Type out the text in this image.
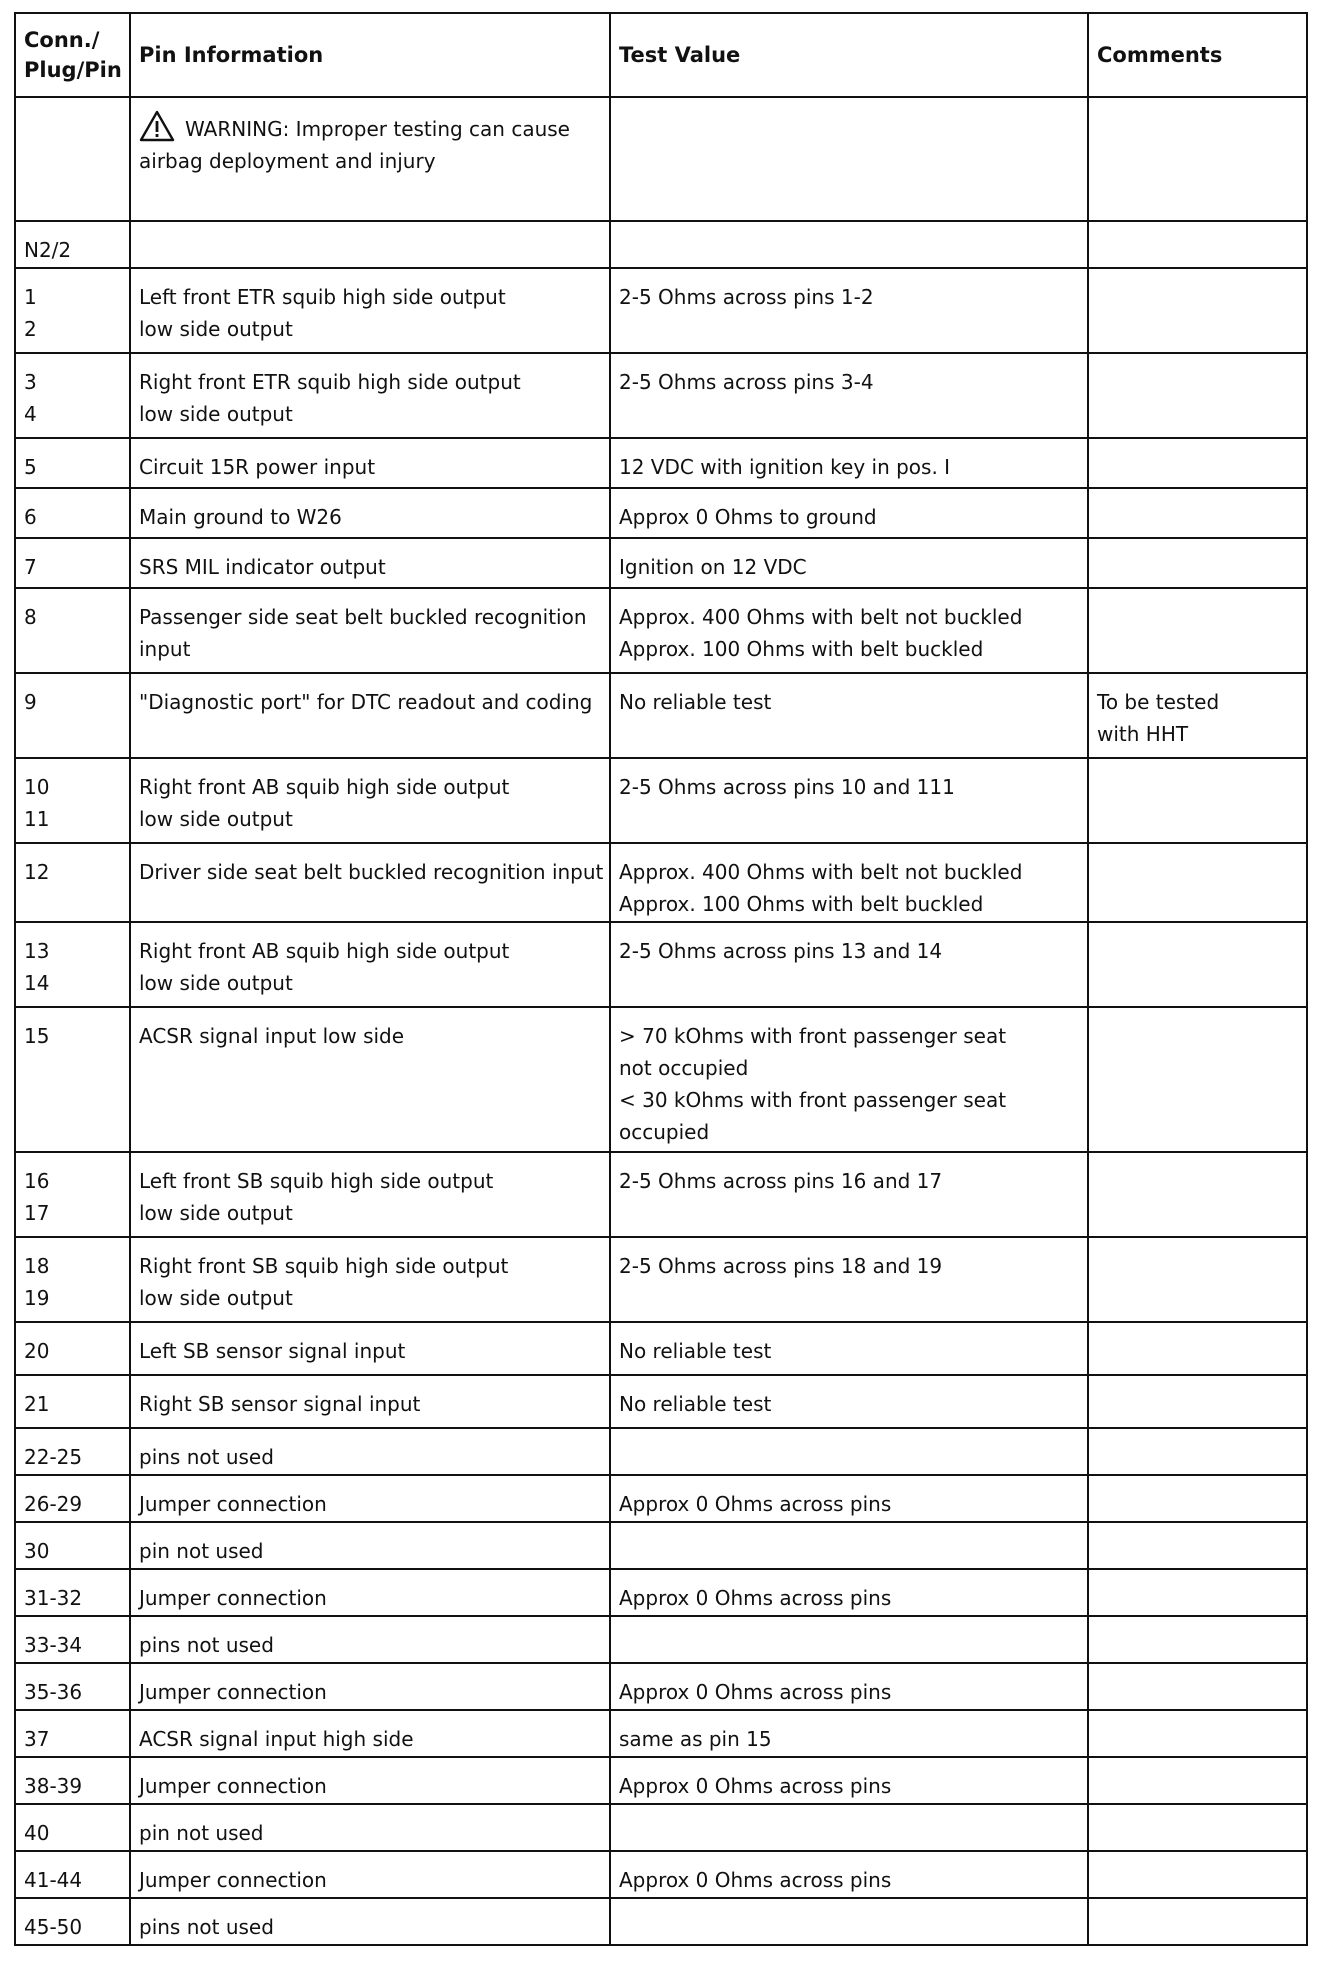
Conn./
Plug/Pin	Pin Information	Test Value	Comments

	WARNING: Improper testing can cause
airbag deployment and injury		

N2/2			

1
2	Left front ETR squib high side output
low side output	2-5 Ohms across pins 1-2	

3
4	Right front ETR squib high side output
low side output	2-5 Ohms across pins 3-4	

5	Circuit 15R power input	12 VDC with ignition key in pos. I	

6	Main ground to W26	Approx 0 Ohms to ground	

7	SRS MIL indicator output	Ignition on 12 VDC	

8	Passenger side seat belt buckled recognition
input	Approx. 400 Ohms with belt not buckled
Approx. 100 Ohms with belt buckled	

9	"Diagnostic port" for DTC readout and coding	No reliable test	To be tested
with HHT

10
11	Right front AB squib high side output
low side output	2-5 Ohms across pins 10 and 111	

12	Driver side seat belt buckled recognition input	Approx. 400 Ohms with belt not buckled
Approx. 100 Ohms with belt buckled	

13
14	Right front AB squib high side output
low side output	2-5 Ohms across pins 13 and 14	

15	ACSR signal input low side	> 70 kOhms with front passenger seat
not occupied
< 30 kOhms with front passenger seat
occupied	

16
17	Left front SB squib high side output
low side output	2-5 Ohms across pins 16 and 17	

18
19	Right front SB squib high side output
low side output	2-5 Ohms across pins 18 and 19	

20	Left SB sensor signal input	No reliable test	

21	Right SB sensor signal input	No reliable test	

22-25	pins not used		

26-29	Jumper connection	Approx 0 Ohms across pins	

30	pin not used		

31-32	Jumper connection	Approx 0 Ohms across pins	

33-34	pins not used		

35-36	Jumper connection	Approx 0 Ohms across pins	

37	ACSR signal input high side	same as pin 15	

38-39	Jumper connection	Approx 0 Ohms across pins	

40	pin not used		

41-44	Jumper connection	Approx 0 Ohms across pins	

45-50	pins not used		
